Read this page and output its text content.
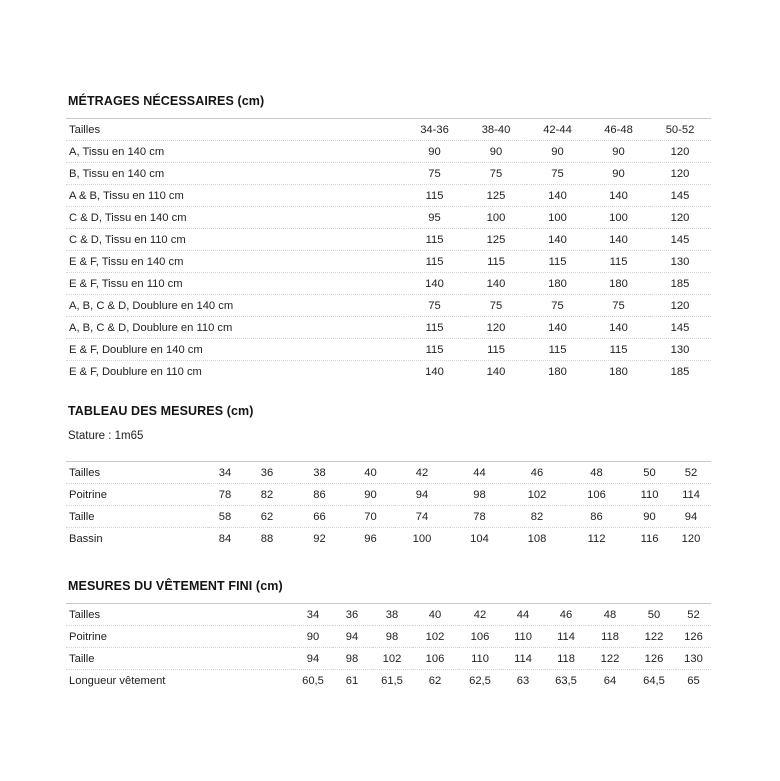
MÉTRAGES NÉCESSAIRES (cm)
Tailles	34-36	38-40	42-44	46-48	50-52
A, Tissu en 140 cm	90	90	90	90	120
B, Tissu en 140 cm	75	75	75	90	120
A & B, Tissu en 110 cm	115	125	140	140	145
C & D, Tissu en 140 cm	95	100	100	100	120
C & D, Tissu en 110 cm	115	125	140	140	145
E & F, Tissu en 140 cm	115	115	115	115	130
E & F, Tissu en 110 cm	140	140	180	180	185
A, B, C & D, Doublure en 140 cm	75	75	75	75	120
A, B, C & D, Doublure en 110 cm	115	120	140	140	145
E & F, Doublure en 140 cm	115	115	115	115	130
E & F, Doublure en 110 cm	140	140	180	180	185
TABLEAU DES MESURES (cm)
Stature : 1m65
Tailles	34	36	38	40	42	44	46	48	50	52
Poitrine	78	82	86	90	94	98	102	106	110	114
Taille	58	62	66	70	74	78	82	86	90	94
Bassin	84	88	92	96	100	104	108	112	116	120
MESURES DU VÊTEMENT FINI (cm)
Tailles	34	36	38	40	42	44	46	48	50	52
Poitrine	90	94	98	102	106	110	114	118	122	126
Taille	94	98	102	106	110	114	118	122	126	130
Longueur vêtement	60,5	61	61,5	62	62,5	63	63,5	64	64,5	65
